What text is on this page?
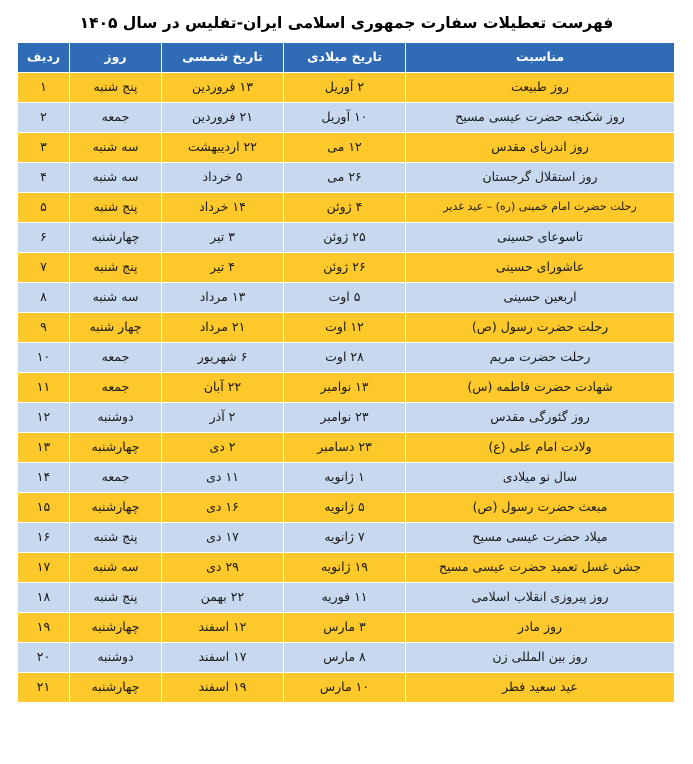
فهرست تعطیلات سفارت جمهوری اسلامی ایران-تفلیس در سال ۱۴۰۵
مناسبت	تاریخ میلادی	تاریخ شمسی	روز	ردیف
روز طبیعت	۲ آوریل	۱۳ فروردین	پنج شنبه	۱
روز شکنجه حضرت عیسی مسیح	۱۰ آوریل	۲۱ فروردین	جمعه	۲
روز اندریای مقدس	۱۲ می	۲۲ اردیبهشت	سه شنبه	۳
روز استقلال گرجستان	۲۶ می	۵ خرداد	سه شنبه	۴
رحلت حضرت امام خمینی (ره) – عید غدیر	۴ ژوئن	۱۴ خرداد	پنج شنبه	۵
تاسوعای حسینی	۲۵ ژوئن	۳ تیر	چهارشنبه	۶
عاشورای حسینی	۲۶ ژوئن	۴ تیر	پنج شنبه	۷
اربعین حسینی	۵ اوت	۱۳ مرداد	سه شنبه	۸
رحلت حضرت رسول (ص)	۱۲ اوت	۲۱ مرداد	چهار شنبه	۹
رحلت حضرت مریم	۲۸ اوت	۶ شهریور	جمعه	۱۰
شهادت حضرت فاطمه (س)	۱۳ نوامبر	۲۲ آبان	جمعه	۱۱
روز گئورگی مقدس	۲۳ نوامبر	۲ آذر	دوشنبه	۱۲
ولادت امام علی (ع)	۲۳ دسامبر	۲ دی	چهارشنبه	۱۳
سال نو میلادی	۱ ژانویه	۱۱ دی	جمعه	۱۴
مبعث حضرت رسول (ص)	۵ ژانویه	۱۶ دی	چهارشنبه	۱۵
میلاد حضرت عیسی مسیح	۷ ژانویه	۱۷ دی	پنج شنبه	۱۶
جشن غسل تعمید حضرت عیسی مسیح	۱۹ ژانویه	۲۹ دی	سه شنبه	۱۷
روز پیروزی انقلاب اسلامی	۱۱ فوریه	۲۲ بهمن	پنج شنبه	۱۸
روز مادر	۳ مارس	۱۲ اسفند	چهارشنبه	۱۹
روز بین المللی زن	۸ مارس	۱۷ اسفند	دوشنبه	۲۰
عید سعید فطر	۱۰ مارس	۱۹ اسفند	چهارشنبه	۲۱
